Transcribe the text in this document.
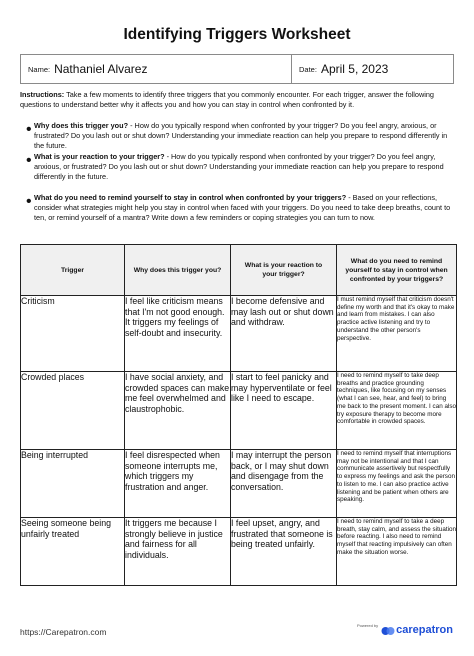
Identifying Triggers Worksheet
Name: Nathaniel Alvarez	Date: April 5, 2023
Instructions: Take a few moments to identify three triggers that you commonly encounter. For each trigger, answer the following questions to understand better why it affects you and how you can stay in control when confronted by it.
• Why does this trigger you? - How do you typically respond when confronted by your trigger? Do you feel angry, anxious, or frustrated? Do you lash out or shut down? Understanding your immediate reaction can help you prepare to respond differently in the future.
• What is your reaction to your trigger? - How do you typically respond when confronted by your trigger? Do you feel angry, anxious, or frustrated? Do you lash out or shut down? Understanding your immediate reaction can help you prepare to respond differently in the future.
• What do you need to remind yourself to stay in control when confronted by your triggers? - Based on your reflections, consider what strategies might help you stay in control when faced with your triggers. Do you need to take deep breaths, count to ten, or remind yourself of a mantra? Write down a few reminders or coping strategies you can turn to now.
Trigger	Why does this trigger you?	What is your reaction to your trigger?	What do you need to remind yourself to stay in control when confronted by your triggers?
Criticism	I feel like criticism means that I'm not good enough. It triggers my feelings of self-doubt and insecurity.	I become defensive and may lash out or shut down and withdraw.	I must remind myself that criticism doesn't define my worth and that it's okay to make and learn from mistakes. I can also practice active listening and try to understand the other person's perspective.
Crowded places	I have social anxiety, and crowded spaces can make me feel overwhelmed and claustrophobic.	I start to feel panicky and may hyperventilate or feel like I need to escape.	I need to remind myself to take deep breaths and practice grounding techniques, like focusing on my senses (what I can see, hear, and feel) to bring me back to the present moment. I can also try exposure therapy to become more comfortable in crowded spaces.
Being interrupted	I feel disrespected when someone interrupts me, which triggers my frustration and anger.	I may interrupt the person back, or I may shut down and disengage from the conversation.	I need to remind myself that interruptions may not be intentional and that I can communicate assertively but respectfully to express my feelings and ask the person to listen to me. I can also practice active listening and be patient when others are speaking.
Seeing someone being unfairly treated	It triggers me because I strongly believe in justice and fairness for all individuals.	I feel upset, angry, and frustrated that someone is being treated unfairly.	I need to remind myself to take a deep breath, stay calm, and assess the situation before reacting. I also need to remind myself that reacting impulsively can often make the situation worse.
https://Carepatron.com
Powered by carepatron
